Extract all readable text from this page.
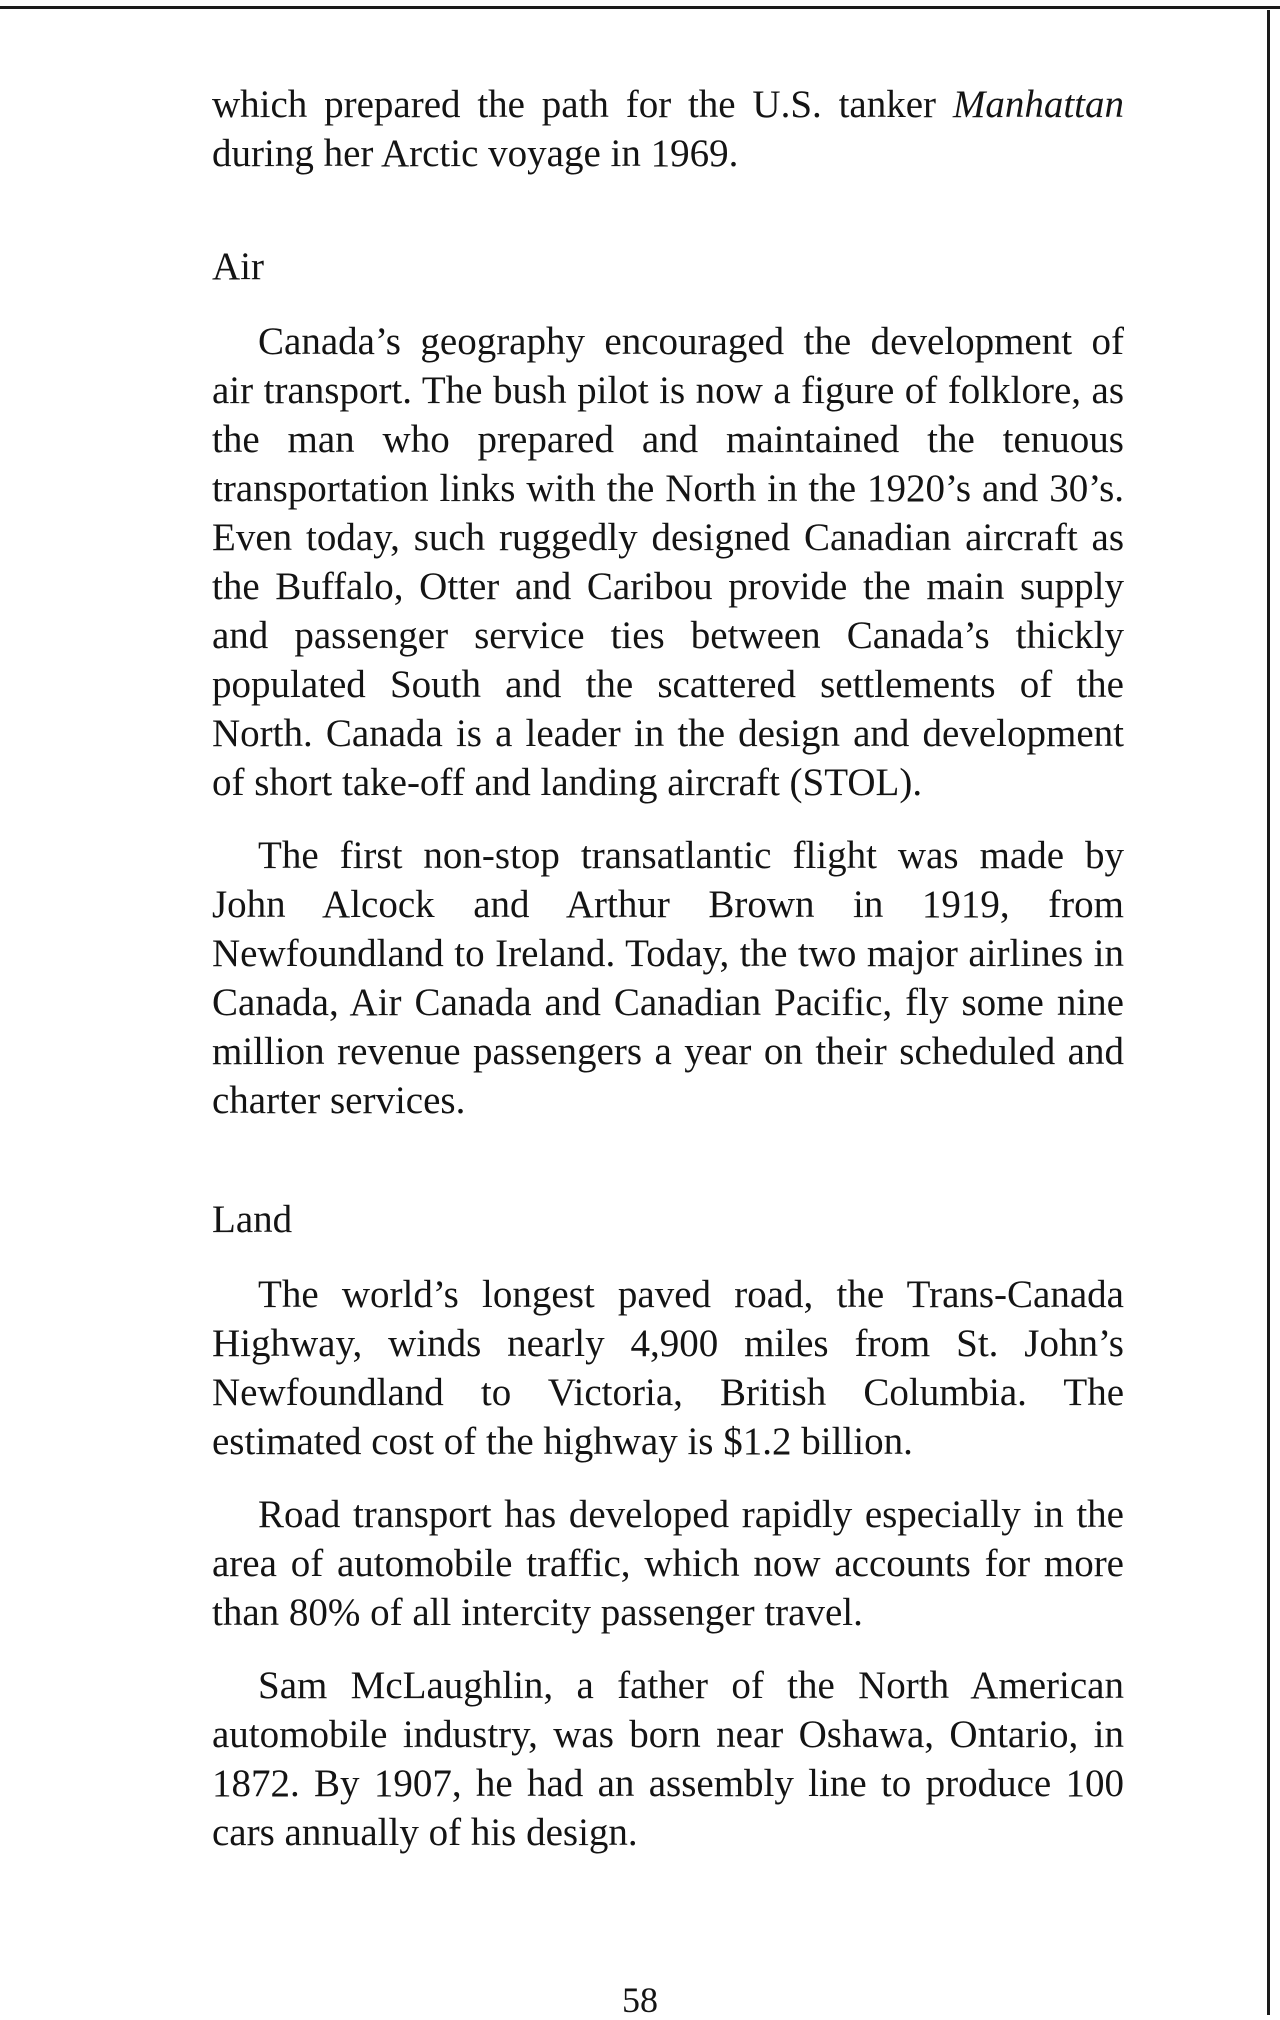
which prepared the path for the U.S. tanker Manhattan during her Arctic voyage in 1969.

Air

Canada’s geography encouraged the development of air transport. The bush pilot is now a figure of folklore, as the man who prepared and maintained the tenuous transportation links with the North in the 1920’s and 30’s. Even today, such ruggedly designed Canadian aircraft as the Buffalo, Otter and Caribou provide the main supply and passenger service ties between Canada’s thickly populated South and the scattered settlements of the North. Canada is a leader in the design and development of short take-off and landing aircraft (STOL).

The first non-stop transatlantic flight was made by John Alcock and Arthur Brown in 1919, from Newfoundland to Ireland. Today, the two major airlines in Canada, Air Canada and Canadian Pacific, fly some nine million revenue passengers a year on their scheduled and charter services.

Land

The world’s longest paved road, the Trans-Canada Highway, winds nearly 4,900 miles from St. John’s Newfoundland to Victoria, British Columbia. The estimated cost of the highway is $1.2 billion.

Road transport has developed rapidly especially in the area of automobile traffic, which now accounts for more than 80% of all intercity passenger travel.

Sam McLaughlin, a father of the North American automobile industry, was born near Oshawa, Ontario, in 1872. By 1907, he had an assembly line to produce 100 cars annually of his design.

58
